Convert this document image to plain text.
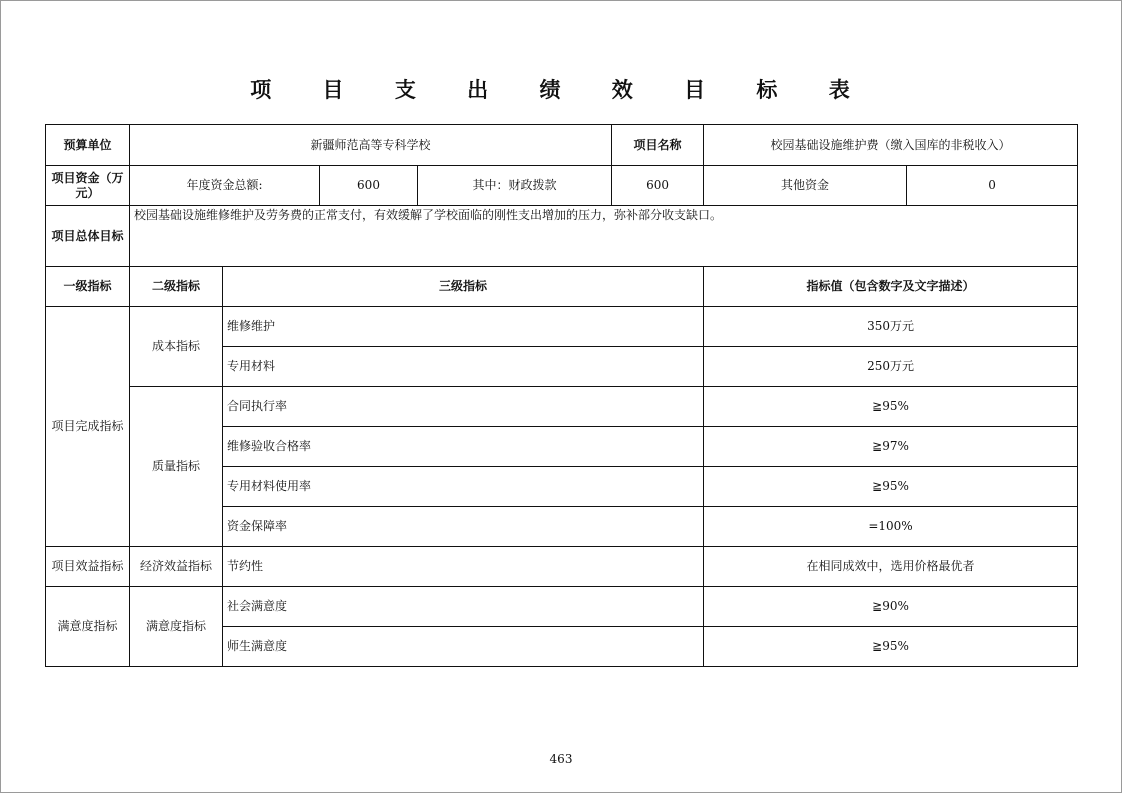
项 目 支 出 绩 效 目 标 表
预算单位	新疆师范高等专科学校				项目名称	校园基础设施维护费（缴入国库的非税收入）	
项目资金（万元）	年度资金总额:		600	其中：财政拨款	600	其他资金	0
项目总体目标	校园基础设施维修维护及劳务费的正常支付，有效缓解了学校面临的刚性支出增加的压力，弥补部分收支缺口。						
一级指标	二级指标	三级指标				指标值（包含数字及文字描述）	
项目完成指标	成本指标	维修维护				350万元	
		专用材料				250万元	
	质量指标	合同执行率				≧95%	
		维修验收合格率				≧97%	
		专用材料使用率				≧95%	
		资金保障率				=100%	
项目效益指标	经济效益指标	节约性				在相同成效中，选用价格最优者	
满意度指标	满意度指标	社会满意度				≧90%	
		师生满意度				≧95%	
463
